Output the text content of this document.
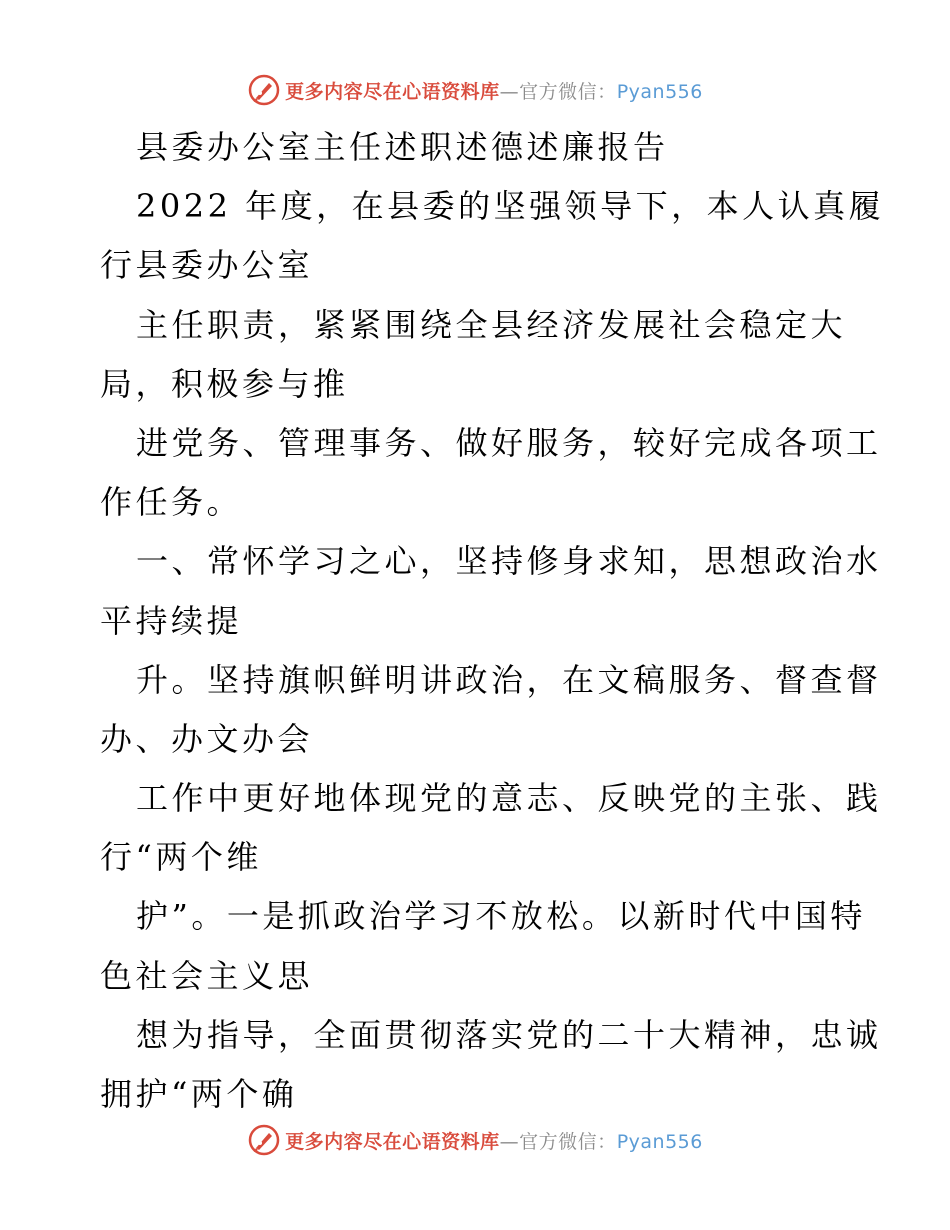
更多内容尽在心语资料库—官方微信：Pyan556
县委办公室主任述职述德述廉报告
2022 年度，在县委的坚强领导下，本人认真履
行县委办公室
主任职责，紧紧围绕全县经济发展社会稳定大
局，积极参与推
进党务、管理事务、做好服务，较好完成各项工
作任务。
一、常怀学习之心，坚持修身求知，思想政治水
平持续提
升。坚持旗帜鲜明讲政治，在文稿服务、督查督
办、办文办会
工作中更好地体现党的意志、反映党的主张、践
行“两个维
护”。一是抓政治学习不放松。以新时代中国特
色社会主义思
想为指导，全面贯彻落实党的二十大精神，忠诚
拥护“两个确
更多内容尽在心语资料库—官方微信：Pyan556
